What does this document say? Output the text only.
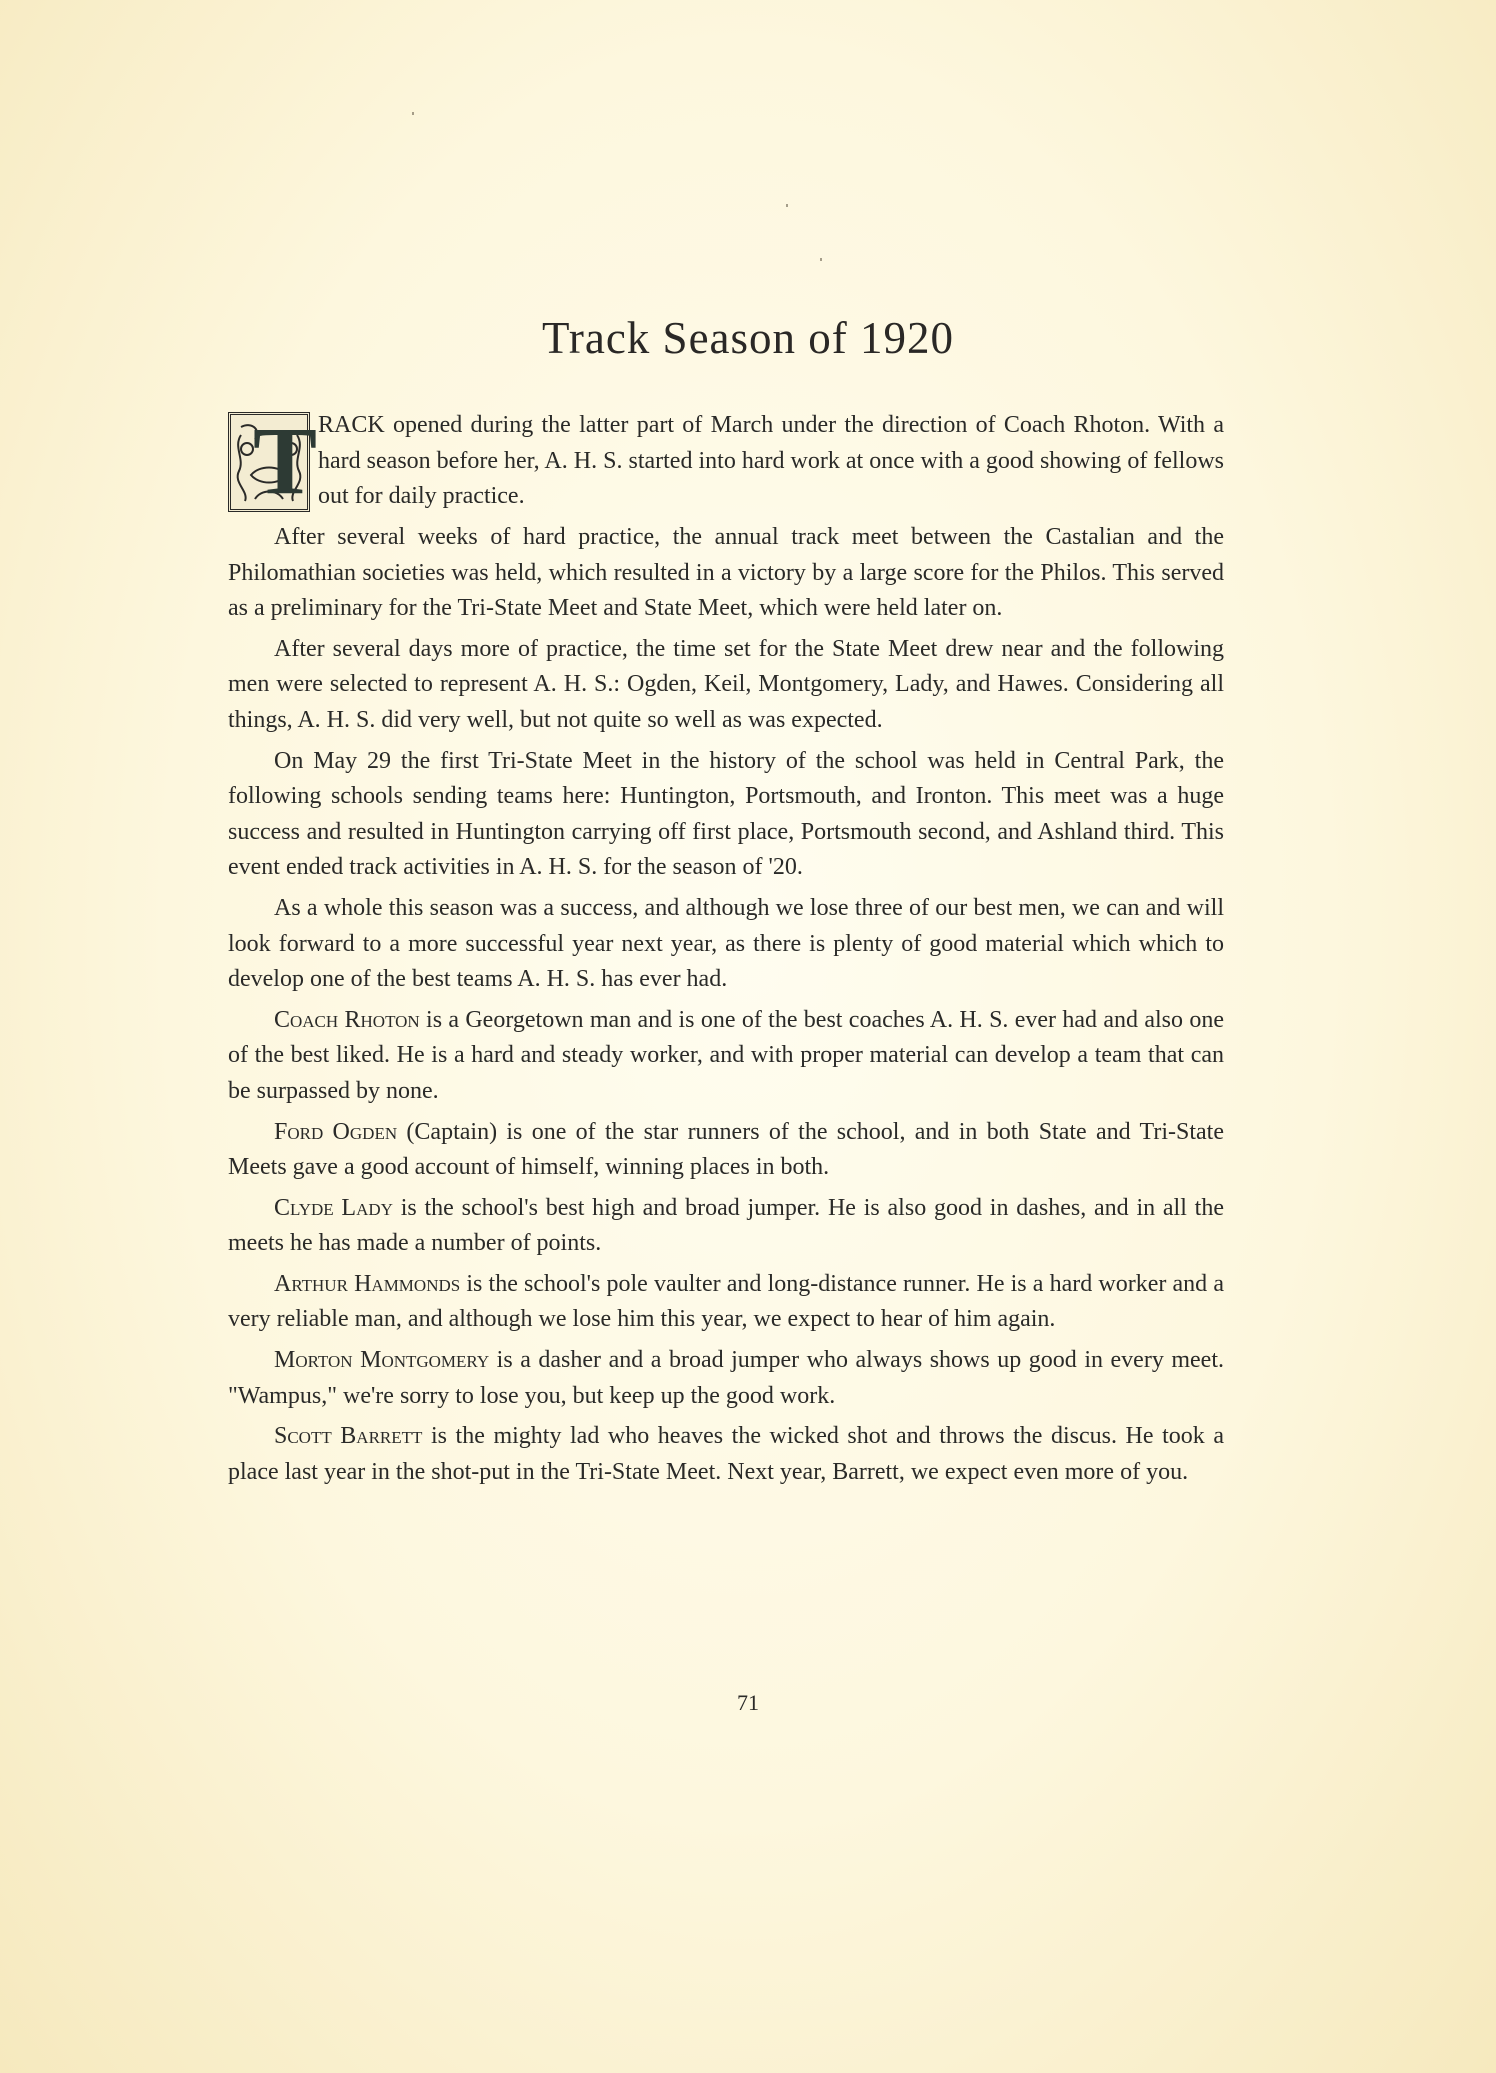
Track Season of 1920

T RACK opened during the latter part of March under the direction of Coach Rhoton. With a hard season before her, A. H. S. started into hard work at once with a good showing of fellows out for daily practice.

After several weeks of hard practice, the annual track meet between the Castalian and the Philomathian societies was held, which resulted in a victory by a large score for the Philos. This served as a preliminary for the Tri-State Meet and State Meet, which were held later on.

After several days more of practice, the time set for the State Meet drew near and the following men were selected to represent A. H. S.: Ogden, Keil, Montgomery, Lady, and Hawes. Considering all things, A. H. S. did very well, but not quite so well as was expected.

On May 29 the first Tri-State Meet in the history of the school was held in Central Park, the following schools sending teams here: Huntington, Portsmouth, and Ironton. This meet was a huge success and resulted in Huntington carrying off first place, Portsmouth second, and Ashland third. This event ended track activities in A. H. S. for the season of '20.

As a whole this season was a success, and although we lose three of our best men, we can and will look forward to a more successful year next year, as there is plenty of good material which which to develop one of the best teams A. H. S. has ever had.

Coach Rhoton is a Georgetown man and is one of the best coaches A. H. S. ever had and also one of the best liked. He is a hard and steady worker, and with proper material can develop a team that can be surpassed by none.

Ford Ogden (Captain) is one of the star runners of the school, and in both State and Tri-State Meets gave a good account of himself, winning places in both.

Clyde Lady is the school's best high and broad jumper. He is also good in dashes, and in all the meets he has made a number of points.

Arthur Hammonds is the school's pole vaulter and long-distance runner. He is a hard worker and a very reliable man, and although we lose him this year, we expect to hear of him again.

Morton Montgomery is a dasher and a broad jumper who always shows up good in every meet. "Wampus," we're sorry to lose you, but keep up the good work.

Scott Barrett is the mighty lad who heaves the wicked shot and throws the discus. He took a place last year in the shot-put in the Tri-State Meet. Next year, Barrett, we expect even more of you.

71
